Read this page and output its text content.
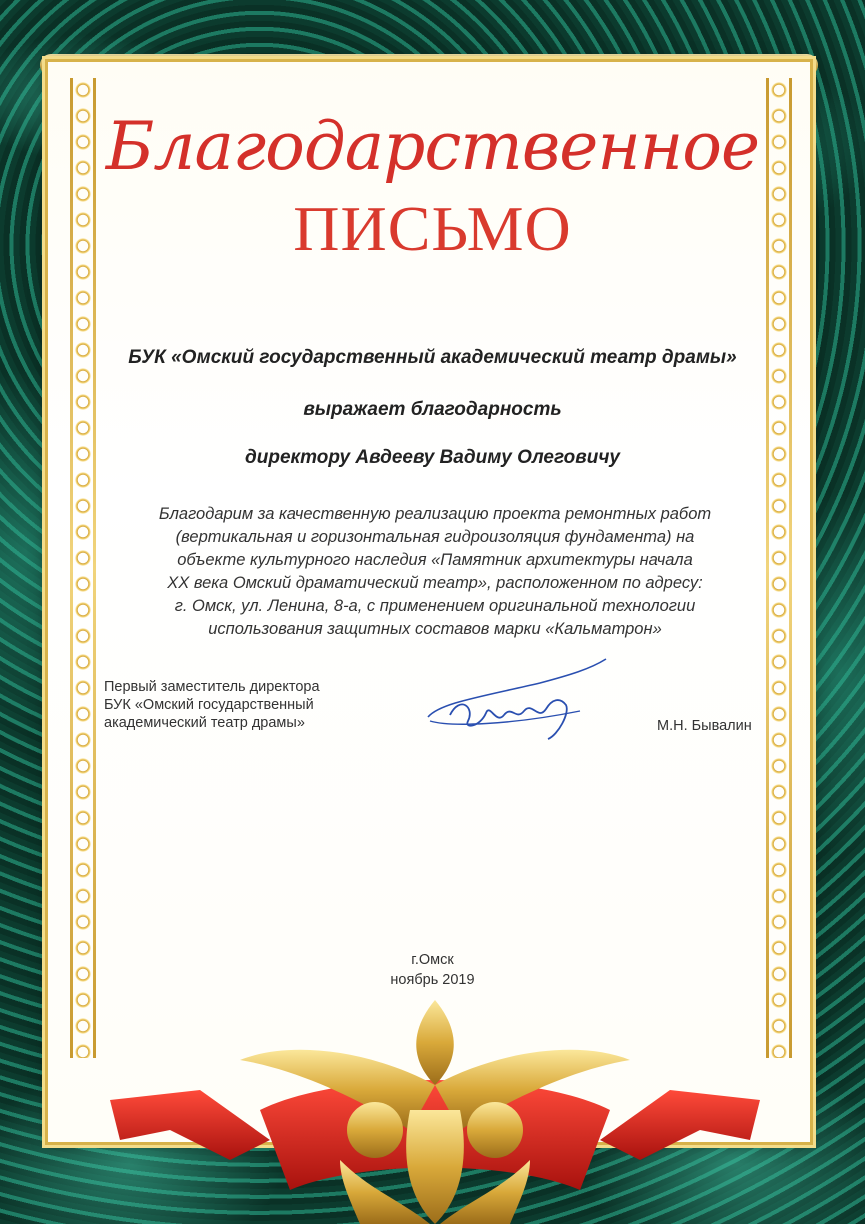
Благодарственное
ПИСЬМО
БУК «Омский государственный академический театр драмы»
выражает благодарность
директору Авдееву Вадиму Олеговичу
Благодарим за качественную реализацию проекта ремонтных работ
(вертикальная и горизонтальная гидроизоляция фундамента) на
объекте культурного наследия «Памятник архитектуры начала
XX века Омский драматический театр», расположенном по адресу:
г. Омск, ул. Ленина, 8-а, с применением оригинальной технологии
использования защитных составов марки «Кальматрон»
Первый заместитель директора
БУК «Омский государственный
академический театр драмы»	М.Н. Бывалин
г.Омск
ноябрь 2019
